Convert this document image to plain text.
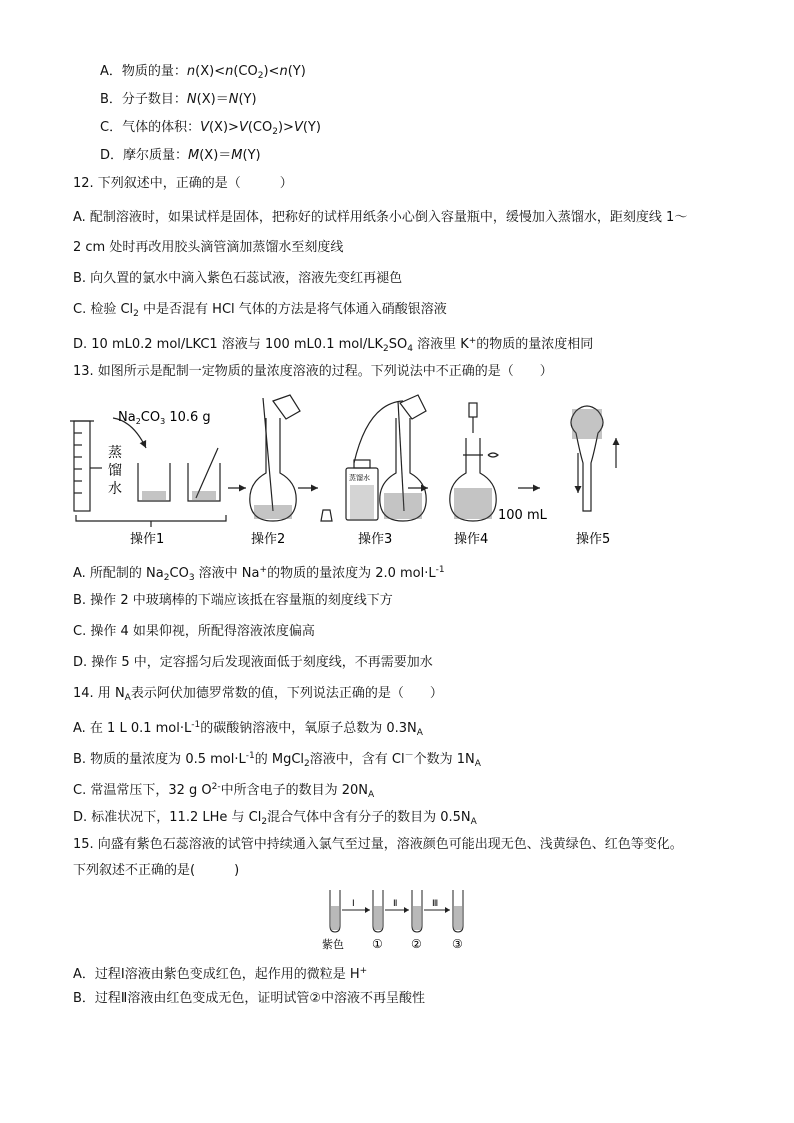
A．物质的量：$n(X)<n(CO_2)<n(Y)$
B．分子数目：N(X)＝N(Y)
C．气体的体积：$V(X)>V(CO_2)>V(Y)$
D．摩尔质量：M(X)＝M(Y)
12. 下列叙述中，正确的是（　　　）
A. 配制溶液时，如果试样是固体，把称好的试样用纸条小心倒入容量瓶中，缓慢加入蒸馏水，距刻度线 1～
2 cm 处时再改用胶头滴管滴加蒸馏水至刻度线
B. 向久置的氯水中滴入紫色石蕊试液，溶液先变红再褪色
C. 检验 $Cl_2$ 中是否混有 HCl 气体的方法是将气体通入硝酸银溶液
D. 10 mL0.2 mol/LKC1 溶液与 100 mL0.1 mol/$LK_2SO_4$ 溶液里 K+的物质的量浓度相同
13. 如图所示是配制一定物质的量浓度溶液的过程。下列说法中不正确的是（　　）
$Na_2CO_3$ 10.6 g
蒸
馏
水
蒸馏水
100 mL
操作1	操作2	操作3	操作4	操作5
A. 所配制的 $Na_2CO_3$ 溶液中 Na+的物质的量浓度为 2.0 $mol\cdot L^{-1}$
B. 操作 2 中玻璃棒的下端应该抵在容量瓶的刻度线下方
C. 操作 4 如果仰视，所配得溶液浓度偏高
D. 操作 5 中，定容摇匀后发现液面低于刻度线，不再需要加水
14. 用 $N_A$表示阿伏加德罗常数的值，下列说法正确的是（　　）
A. 在 1 L 0.1 $mol\cdot L^{-1}$的碳酸钠溶液中，氧原子总数为 $0.3N_A$
B. 物质的量浓度为 0.5 $mol\cdot L^{-1}$的 MgCl$_2$溶液中，含有 Cl－个数为 $1N_A$
C. 常温常压下，32 g $O^{2-}$中所含电子的数目为 $20N_A$
D. 标准状况下，11.2 LHe 与 $Cl_2$混合气体中含有分子的数目为 $0.5N_A$
15. 向盛有紫色石蕊溶液的试管中持续通入氯气至过量，溶液颜色可能出现无色、浅黄绿色、红色等变化。
下列叙述不正确的是(　　　)
Ⅰ	Ⅱ	Ⅲ
紫色 ① ②	③
A．过程Ⅰ溶液由紫色变成红色，起作用的微粒是 H+
B．过程Ⅱ溶液由红色变成无色，证明试管②中溶液不再呈酸性
